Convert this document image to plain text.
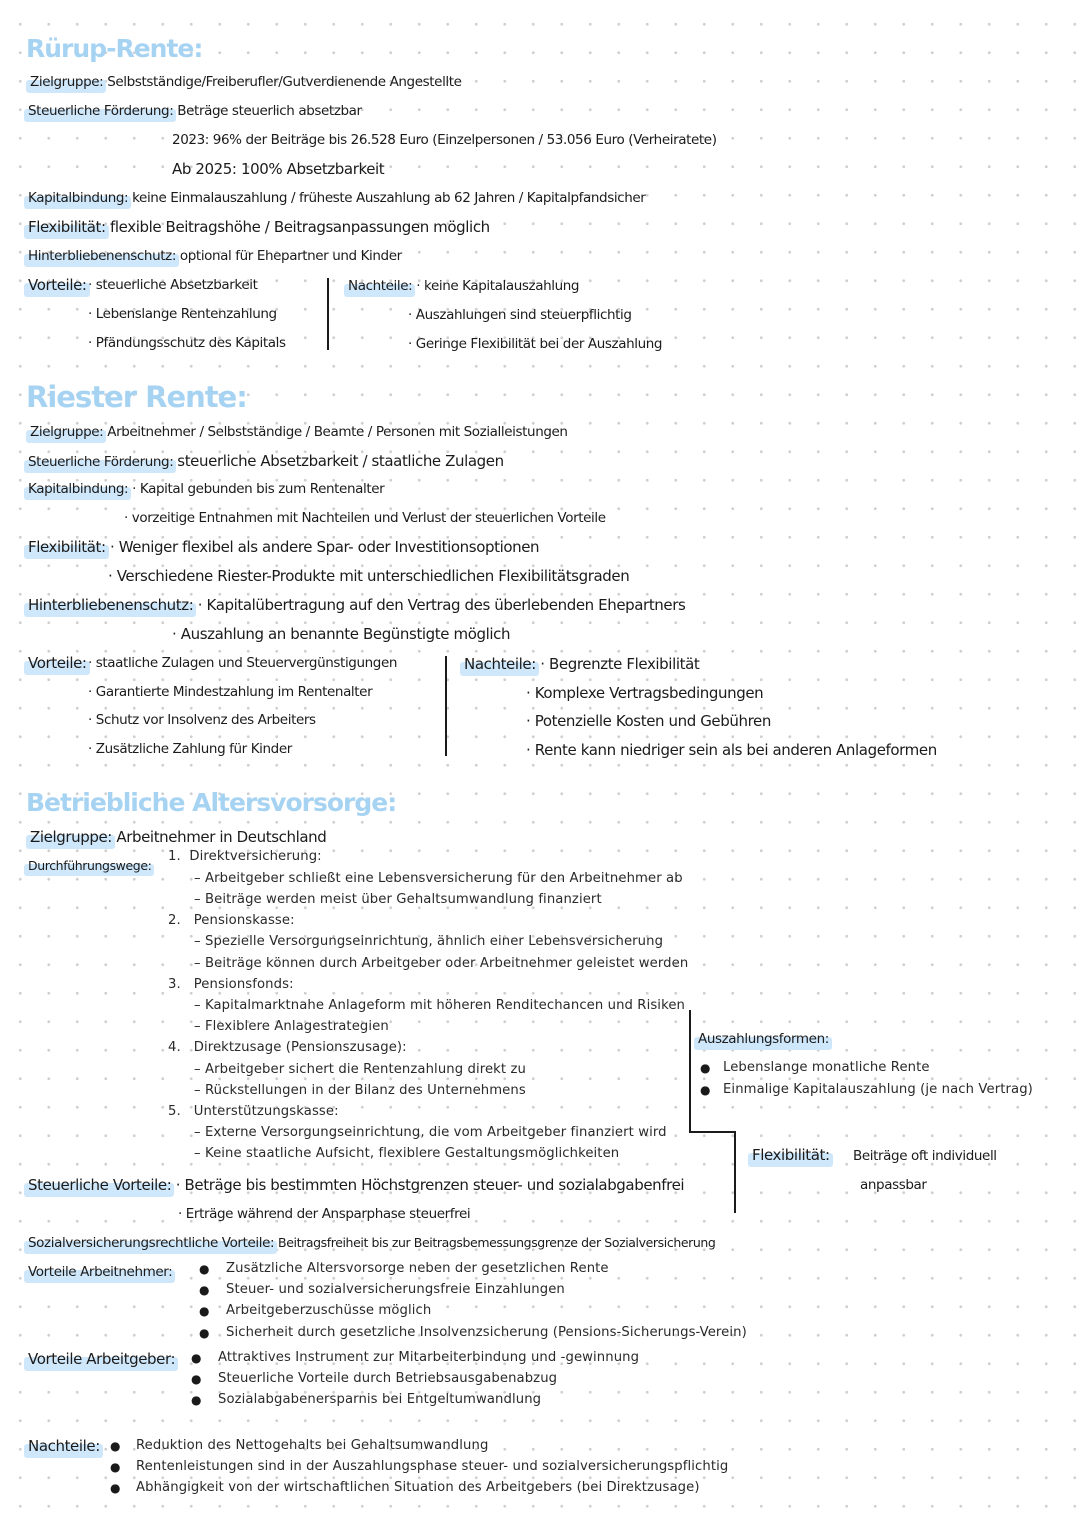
Rürup-Rente:
Zielgruppe: Selbstständige/Freiberufler/Gutverdienende Angestellte
Steuerliche Förderung: Beträge steuerlich absetzbar
2023: 96% der Beiträge bis 26.528 Euro (Einzelpersonen / 53.056 Euro (Verheiratete)
Ab 2025: 100% Absetzbarkeit
Kapitalbindung: keine Einmalauszahlung / früheste Auszahlung ab 62 Jahren / Kapitalpfandsicher
Flexibilität: flexible Beitragshöhe / Beitragsanpassungen möglich
Hinterbliebenenschutz: optional für Ehepartner und Kinder
Vorteile: · steuerliche Absetzbarkeit
· Lebenslange Rentenzahlung
· Pfändungsschutz des Kapitals
Nachteile: · keine Kapitalauszahlung
· Auszahlungen sind steuerpflichtig
· Geringe Flexibilität bei der Auszahlung
Riester Rente:
Zielgruppe: Arbeitnehmer / Selbstständige / Beamte / Personen mit Sozialleistungen
Steuerliche Förderung: steuerliche Absetzbarkeit / staatliche Zulagen
Kapitalbindung: · Kapital gebunden bis zum Rentenalter
· vorzeitige Entnahmen mit Nachteilen und Verlust der steuerlichen Vorteile
Flexibilität: · Weniger flexibel als andere Spar- oder Investitionsoptionen
· Verschiedene Riester-Produkte mit unterschiedlichen Flexibilitätsgraden
Hinterbliebenenschutz: · Kapitalübertragung auf den Vertrag des überlebenden Ehepartners
· Auszahlung an benannte Begünstigte möglich
Vorteile: · staatliche Zulagen und Steuervergünstigungen
· Garantierte Mindestzahlung im Rentenalter
· Schutz vor Insolvenz des Arbeiters
· Zusätzliche Zahlung für Kinder
Nachteile: · Begrenzte Flexibilität
· Komplexe Vertragsbedingungen
· Potenzielle Kosten und Gebühren
· Rente kann niedriger sein als bei anderen Anlageformen
Betriebliche Altersvorsorge:
Zielgruppe: Arbeitnehmer in Deutschland
Durchführungswege:
1. Direktversicherung:
– Arbeitgeber schließt eine Lebensversicherung für den Arbeitnehmer ab
– Beiträge werden meist über Gehaltsumwandlung finanziert
2. Pensionskasse:
– Spezielle Versorgungseinrichtung, ähnlich einer Lebensversicherung
– Beiträge können durch Arbeitgeber oder Arbeitnehmer geleistet werden
3. Pensionsfonds:
– Kapitalmarktnahe Anlageform mit höheren Renditechancen und Risiken
– Flexiblere Anlagestrategien
4. Direktzusage (Pensionszusage):
– Arbeitgeber sichert die Rentenzahlung direkt zu
– Rückstellungen in der Bilanz des Unternehmens
5. Unterstützungskasse:
– Externe Versorgungseinrichtung, die vom Arbeitgeber finanziert wird
– Keine staatliche Aufsicht, flexiblere Gestaltungsmöglichkeiten
Auszahlungsformen:
● Lebenslange monatliche Rente
● Einmalige Kapitalauszahlung (je nach Vertrag)
Flexibilität: Beiträge oft individuell
anpassbar
Steuerliche Vorteile: · Beträge bis bestimmten Höchstgrenzen steuer- und sozialabgabenfrei
· Erträge während der Ansparphase steuerfrei
Sozialversicherungsrechtliche Vorteile: Beitragsfreiheit bis zur Beitragsbemessungsgrenze der Sozialversicherung
Vorteile Arbeitnehmer: ● Zusätzliche Altersvorsorge neben der gesetzlichen Rente
● Steuer- und sozialversicherungsfreie Einzahlungen
● Arbeitgeberzuschüsse möglich
● Sicherheit durch gesetzliche Insolvenzsicherung (Pensions-Sicherungs-Verein)
Vorteile Arbeitgeber: ● Attraktives Instrument zur Mitarbeiterbindung und -gewinnung
● Steuerliche Vorteile durch Betriebsausgabenabzug
● Sozialabgabenersparnis bei Entgeltumwandlung
Nachteile: ● Reduktion des Nettogehalts bei Gehaltsumwandlung
● Rentenleistungen sind in der Auszahlungsphase steuer- und sozialversicherungspflichtig
● Abhängigkeit von der wirtschaftlichen Situation des Arbeitgebers (bei Direktzusage)
